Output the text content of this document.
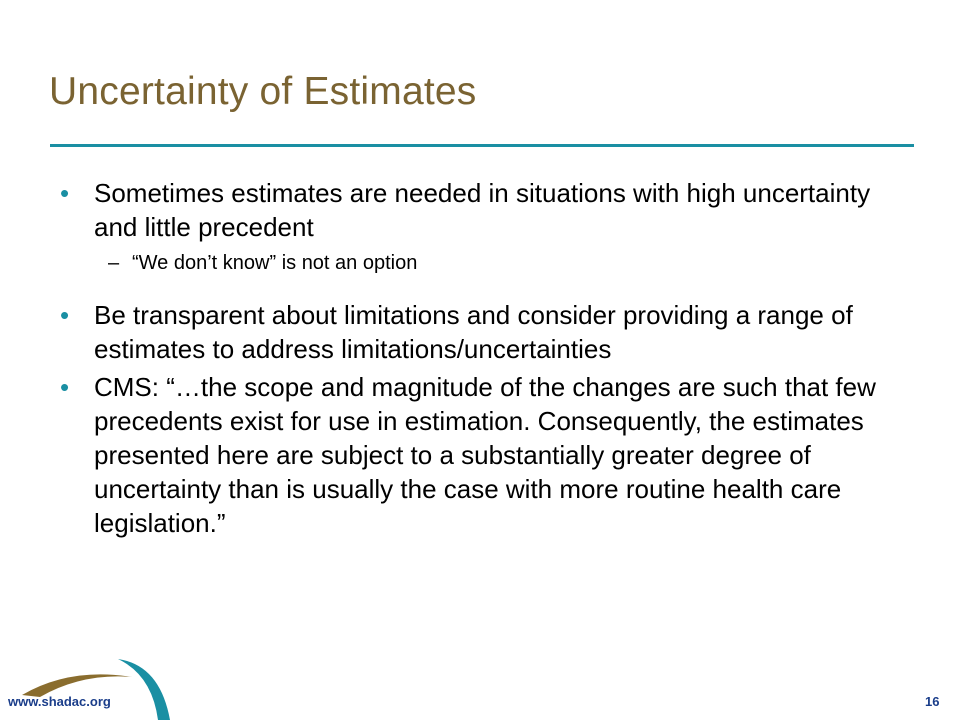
Uncertainty of Estimates
• Sometimes estimates are needed in situations with high uncertainty and little precedent
– “We don’t know” is not an option
• Be transparent about limitations and consider providing a range of estimates to address limitations/uncertainties
• CMS: “…the scope and magnitude of the changes are such that few precedents exist for use in estimation. Consequently, the estimates presented here are subject to a substantially greater degree of uncertainty than is usually the case with more routine health care legislation.”
www.shadac.org	16
